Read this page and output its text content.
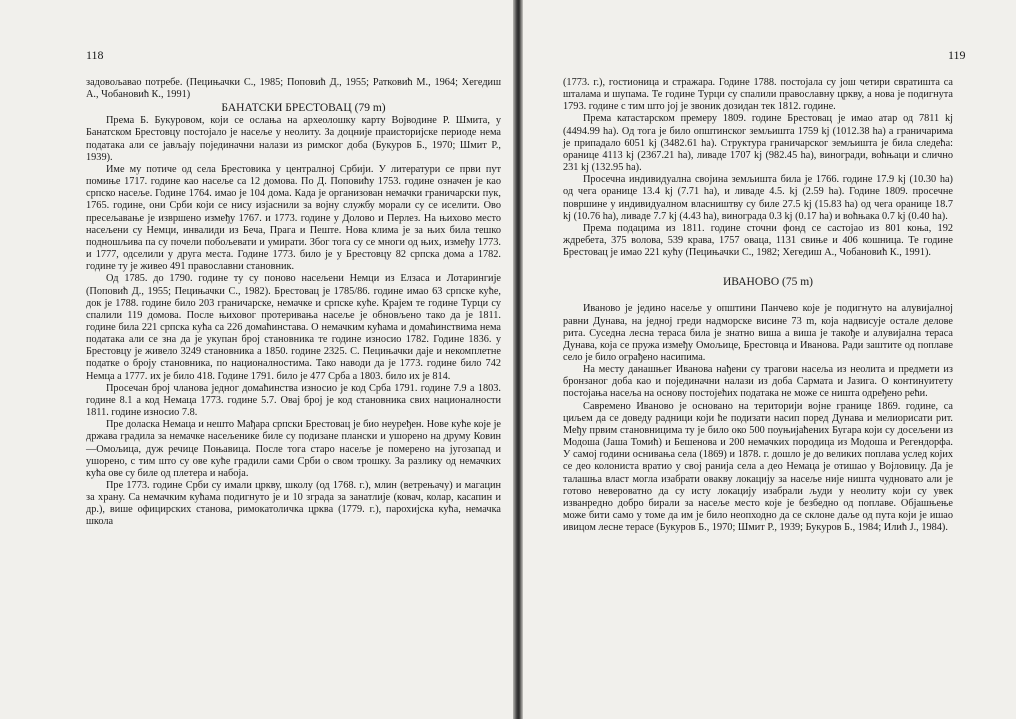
118

задовољавао потребе. (Пецињачки С., 1985; Поповић Д., 1955; Ратковић М., 1964; Хегедиш А., Чобановић К., 1991)

БАНАТСКИ БРЕСТОВАЦ (79 m)

Према Б. Букуровом, који се ослања на археолошку карту Војводине Р. Шмита, у Банатском Брестовцу постојало је насеље у неолиту. За доцније праисторијске периоде нема података али се јављају појединачни налази из римског доба (Букуров Б., 1970; Шмит Р., 1939).

Име му потиче од села Брестовика у централној Србији. У литератури се први пут помиње 1717. године као насеље са 12 домова. По Д. Поповићу 1753. године означен је као српско насеље. Године 1764. имао је 104 дома. Када је организован немачки граничарски пук, 1765. године, они Срби који се нису изјаснили за војну службу морали су се иселити. Ово пресељавање је извршено између 1767. и 1773. године у Долово и Перлез. На њихово место насељени су Немци, инвалиди из Беча, Прага и Пеште. Нова клима је за њих била тешко подношљива па су почели побољевати и умирати. Због тога су се многи од њих, између 1773. и 1777, одселили у друга места. Године 1773. било је у Брестовцу 82 српска дома а 1782. године ту је живео 491 православни становник.

Од 1785. до 1790. године ту су поново насељени Немци из Елзаса и Лотарингије (Поповић Д., 1955; Пецињачки С., 1982). Брестовац је 1785/86. године имао 63 српске куће, док је 1788. године било 203 граничарске, немачке и српске куће. Крајем те године Турци су спалили 119 домова. После њиховог протеривања насеље је обновљено тако да је 1811. године била 221 српска кућа са 226 домаћинстава. О немачким кућама и домаћинствима нема података али се зна да је укупан број становника те године износио 1782. Године 1836. у Брестовцу је живело 3249 становника а 1850. године 2325. С. Пецињачки даје и некомплетне податке о броју становника, по националностима. Тако наводи да је 1773. године било 742 Немца а 1777. их је било 418. Године 1791. било је 477 Срба а 1803. било их је 814.

Просечан број чланова једног домаћинства износио је код Срба 1791. године 7.9 а 1803. године 8.1 а код Немаца 1773. године 5.7. Овај број је код становника свих националности 1811. године износио 7.8.

Пре доласка Немаца и нешто Мађара српски Брестовац је био неуређен. Нове куће које је држава градила за немачке насељенике биле су подизане плански и ушорено на друму Ковин—Омољица, дуж речице Поњавица. После тога старо насеље је померено на југозапад и ушорено, с тим што су ове куће градили сами Срби о свом трошку. За разлику од немачких кућа ове су биле од плетера и набоја.

Пре 1773. године Срби су имали цркву, школу (од 1768. г.), млин (ветрењачу) и магацин за храну. Са немачким кућама подигнуто је и 10 зграда за занатлије (ковач, колар, касапин и др.), више официрских станова, римокатоличка црква (1779. г.), парохијска кућа, немачка школа

119

(1773. г.), гостионица и стражара. Године 1788. постојала су још четири свратишта са шталама и шупама. Те године Турци су спалили православну цркву, а нова је подигнута 1793. године с тим што јој је звоник дозидан тек 1812. године.

Према катастарском премеру 1809. године Брестовац је имао атар од 7811 kj (4494.99 ha). Од тога је било општинског земљишта 1759 kj (1012.38 ha) а граничарима је припадало 6051 kj (3482.61 ha). Структура граничарског земљишта је била следећа: оранице 4113 kj (2367.21 ha), ливаде 1707 kj (982.45 ha), виногради, воћњаци и слично 231 kj (132.95 ha).

Просечна индивидуална својина земљишта била је 1766. године 17.9 kj (10.30 ha) од чега оранице 13.4 kj (7.71 ha), и ливаде 4.5. kj (2.59 ha). Године 1809. просечне површине у индивидуалном власништву су биле 27.5 kj (15.83 ha) од чега оранице 18.7 kj (10.76 ha), ливаде 7.7 kj (4.43 ha), винограда 0.3 kj (0.17 ha) и воћњака 0.7 kj (0.40 ha).

Према подацима из 1811. године сточни фонд се састојао из 801 коња, 192 ждребета, 375 волова, 539 крава, 1757 оваца, 1131 свиње и 406 кошница. Те године Брестовац је имао 221 кућу (Пецињачки С., 1982; Хегедиш А., Чобановић К., 1991).

ИВАНОВО (75 m)

Иваново је једино насеље у општини Панчево које је подигнуто на алувијалној равни Дунава, на једној греди надморске висине 73 m, која надвисује остале делове рита. Суседна лесна тераса била је знатно виша а виша је такође и алувијална тераса Дунава, која се пружа између Омољице, Брестовца и Иванова. Ради заштите од поплаве село је било ограђено насипима.

На месту данашњег Иванова нађени су трагови насеља из неолита и предмети из бронзаног доба као и појединачни налази из доба Сармата и Јазига. О континуитету постојања насеља на основу постојећих података не може се ништа одређено рећи.

Савремено Иваново је основано на територији војне границе 1869. године, са циљем да се доведу радници који ће подизати насип поред Дунава и мелиорисати рит. Међу првим становницима ту је било око 500 поуњијаћених Бугара који су досељени из Модоша (Јаша Томић) и Бешенова и 200 немачких породица из Модоша и Регендорфа. У самој години оснивања села (1869) и 1878. г. дошло је до великих поплава услед којих се део колониста вратио у свој ранија села а део Немаца је отишао у Војловицу. Да је талашња власт могла изабрати овакву локацију за насеље није ништа чудновато али је готово невероватно да су исту локацију изабрали људи у неолиту који су увек изванредно добро бирали за насеље место које је безбедно од поплаве. Објашњење може бити само у томе да им је било неопходно да се склоне даље од пута који је ишао ивицом лесне терасе (Букуров Б., 1970; Шмит Р., 1939; Букуров Б., 1984; Илић Ј., 1984).
